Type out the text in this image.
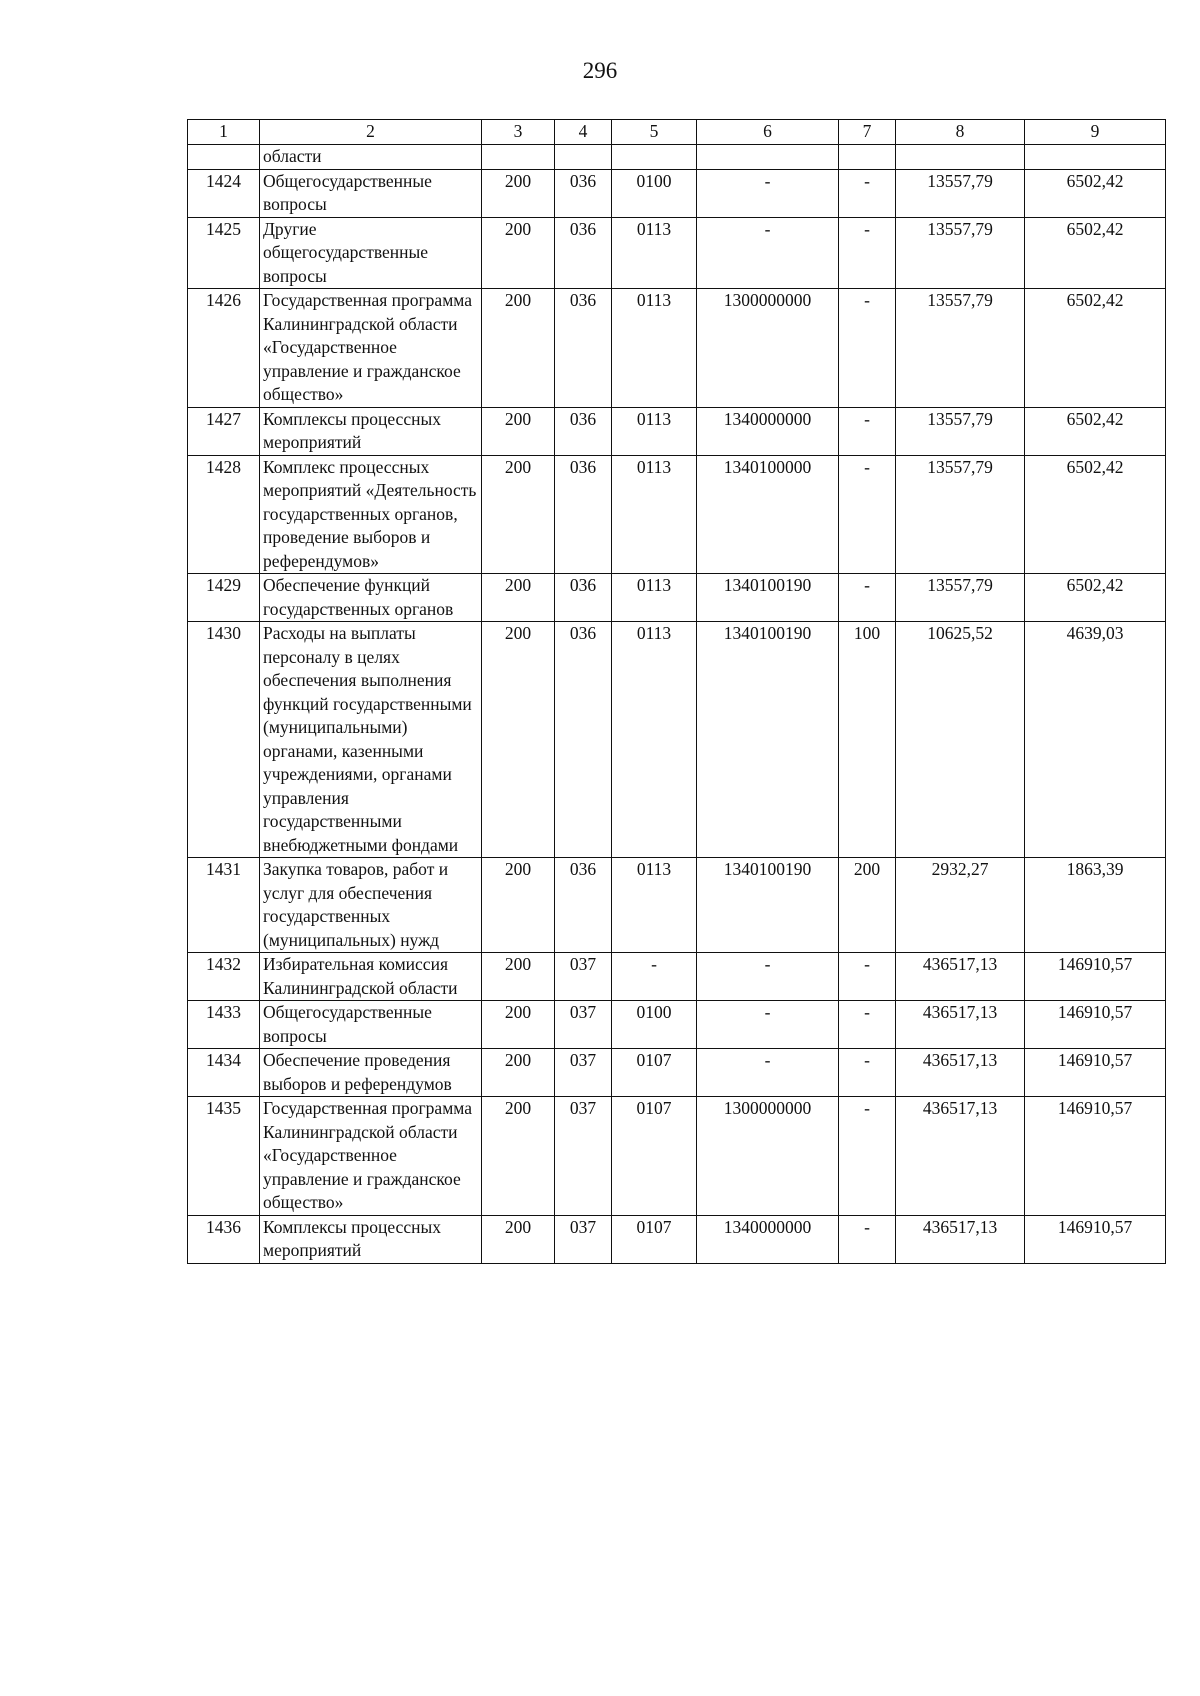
296
1	2	3	4	5	6	7	8	9
	области							
1424	Общегосударственные вопросы	200	036	0100	-	-	13557,79	6502,42
1425	Другие общегосударственные вопросы	200	036	0113	-	-	13557,79	6502,42
1426	Государственная программа Калининградской области «Государственное управление и гражданское общество»	200	036	0113	1300000000	-	13557,79	6502,42
1427	Комплексы процессных мероприятий	200	036	0113	1340000000	-	13557,79	6502,42
1428	Комплекс процессных мероприятий «Деятельность государственных органов, проведение выборов и референдумов»	200	036	0113	1340100000	-	13557,79	6502,42
1429	Обеспечение функций государственных органов	200	036	0113	1340100190	-	13557,79	6502,42
1430	Расходы на выплаты персоналу в целях обеспечения выполнения функций государственными (муниципальными) органами, казенными учреждениями, органами управления государственными внебюджетными фондами	200	036	0113	1340100190	100	10625,52	4639,03
1431	Закупка товаров, работ и услуг для обеспечения государственных (муниципальных) нужд	200	036	0113	1340100190	200	2932,27	1863,39
1432	Избирательная комиссия Калининградской области	200	037	-	-	-	436517,13	146910,57
1433	Общегосударственные вопросы	200	037	0100	-	-	436517,13	146910,57
1434	Обеспечение проведения выборов и референдумов	200	037	0107	-	-	436517,13	146910,57
1435	Государственная программа Калининградской области «Государственное управление и гражданское общество»	200	037	0107	1300000000	-	436517,13	146910,57
1436	Комплексы процессных мероприятий	200	037	0107	1340000000	-	436517,13	146910,57
